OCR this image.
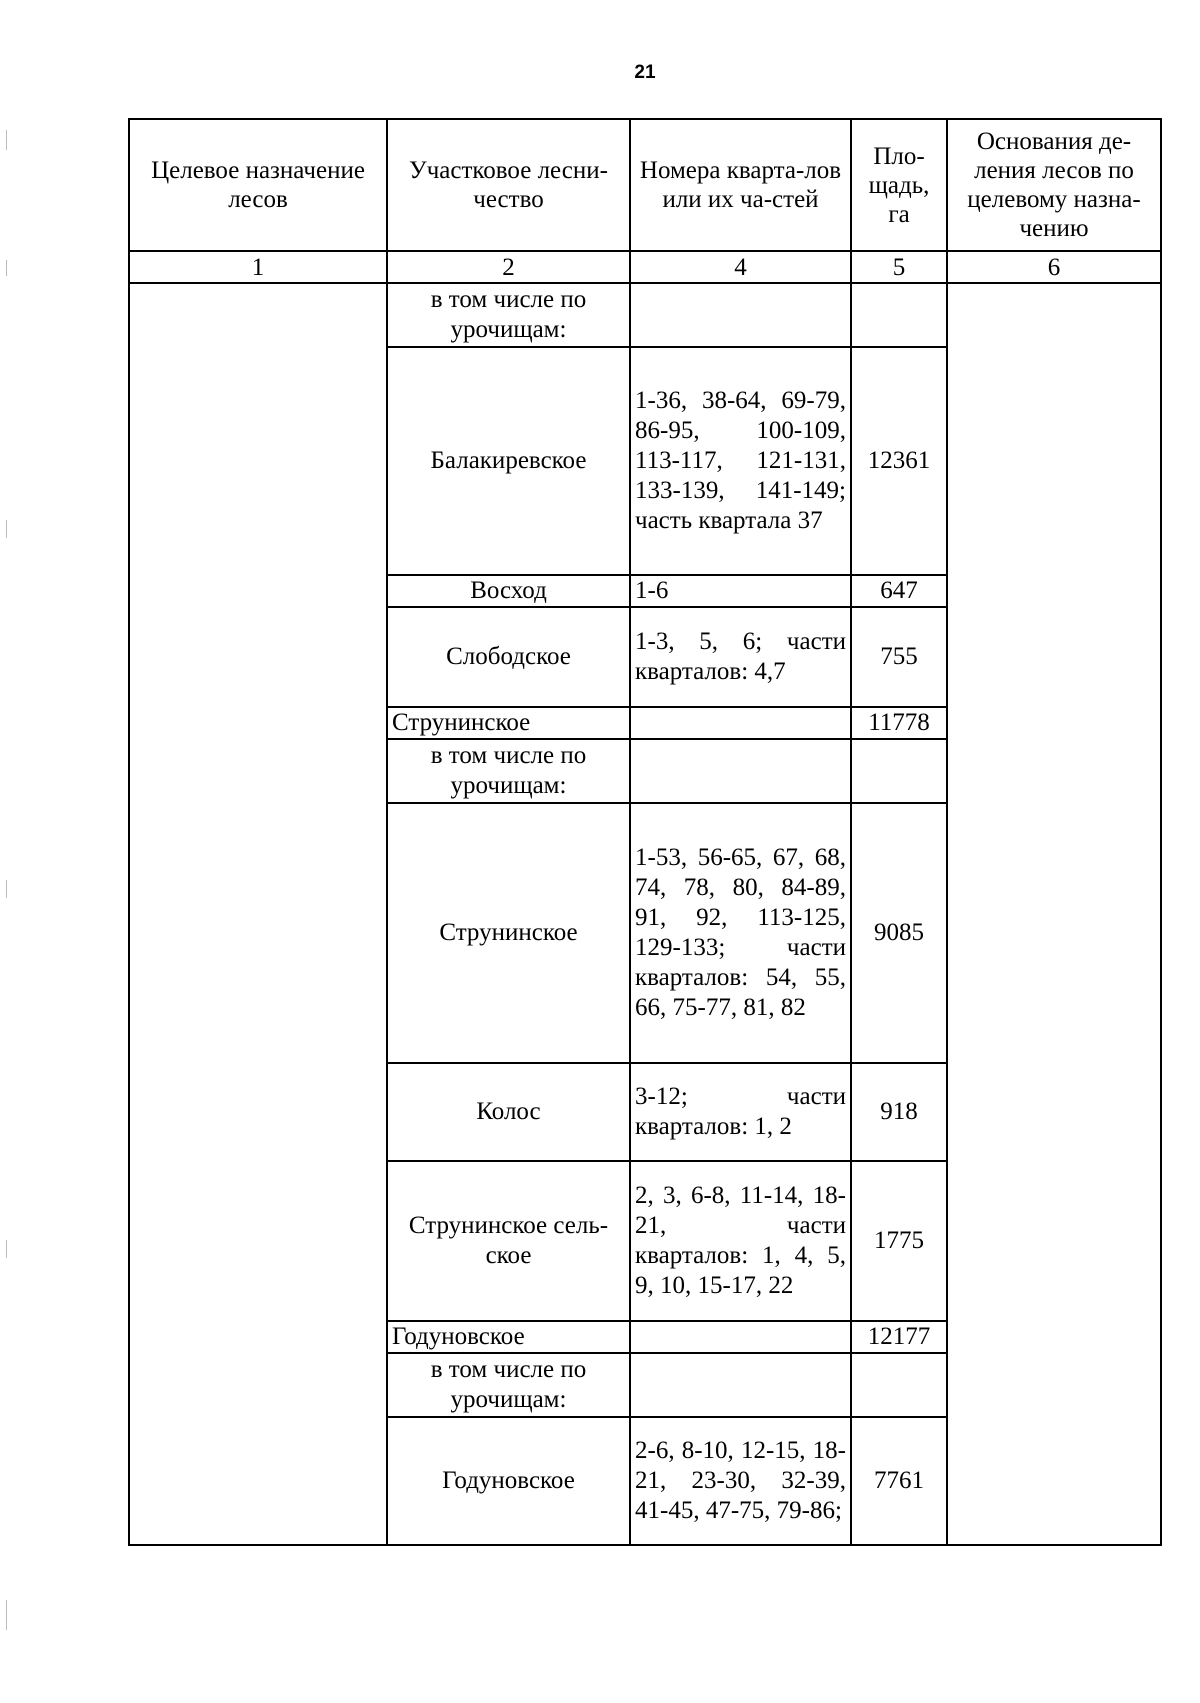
21
Целевое назначение лесов	Участковое лесни-чество	Номера кварта-лов или их ча-стей	Пло-щадь, га	Основания де-ления лесов по целевому назна-чению
1	2	4	5	6
	в том числе по урочищам:			
	Балакиревское	1-36, 38-64, 69-79, 86-95, 100-109, 113-117, 121-131, 133-139, 141-149; часть квартала 37	12361	
	Восход	1-6	647	
	Слободское	1-3, 5, 6; части кварталов: 4,7	755	
	Струнинское		11778	
	в том числе по урочищам:			
	Струнинское	1-53, 56-65, 67, 68, 74, 78, 80, 84-89, 91, 92, 113-125, 129-133; части кварталов: 54, 55, 66, 75-77, 81, 82	9085	
	Колос	3-12; части кварталов: 1, 2	918	
	Струнинское сель-ское	2, 3, 6-8, 11-14, 18-21, части кварталов: 1, 4, 5, 9, 10, 15-17, 22	1775	
	Годуновское		12177	
	в том числе по урочищам:			
	Годуновское	2-6, 8-10, 12-15, 18-21, 23-30, 32-39, 41-45, 47-75, 79-86;	7761	
